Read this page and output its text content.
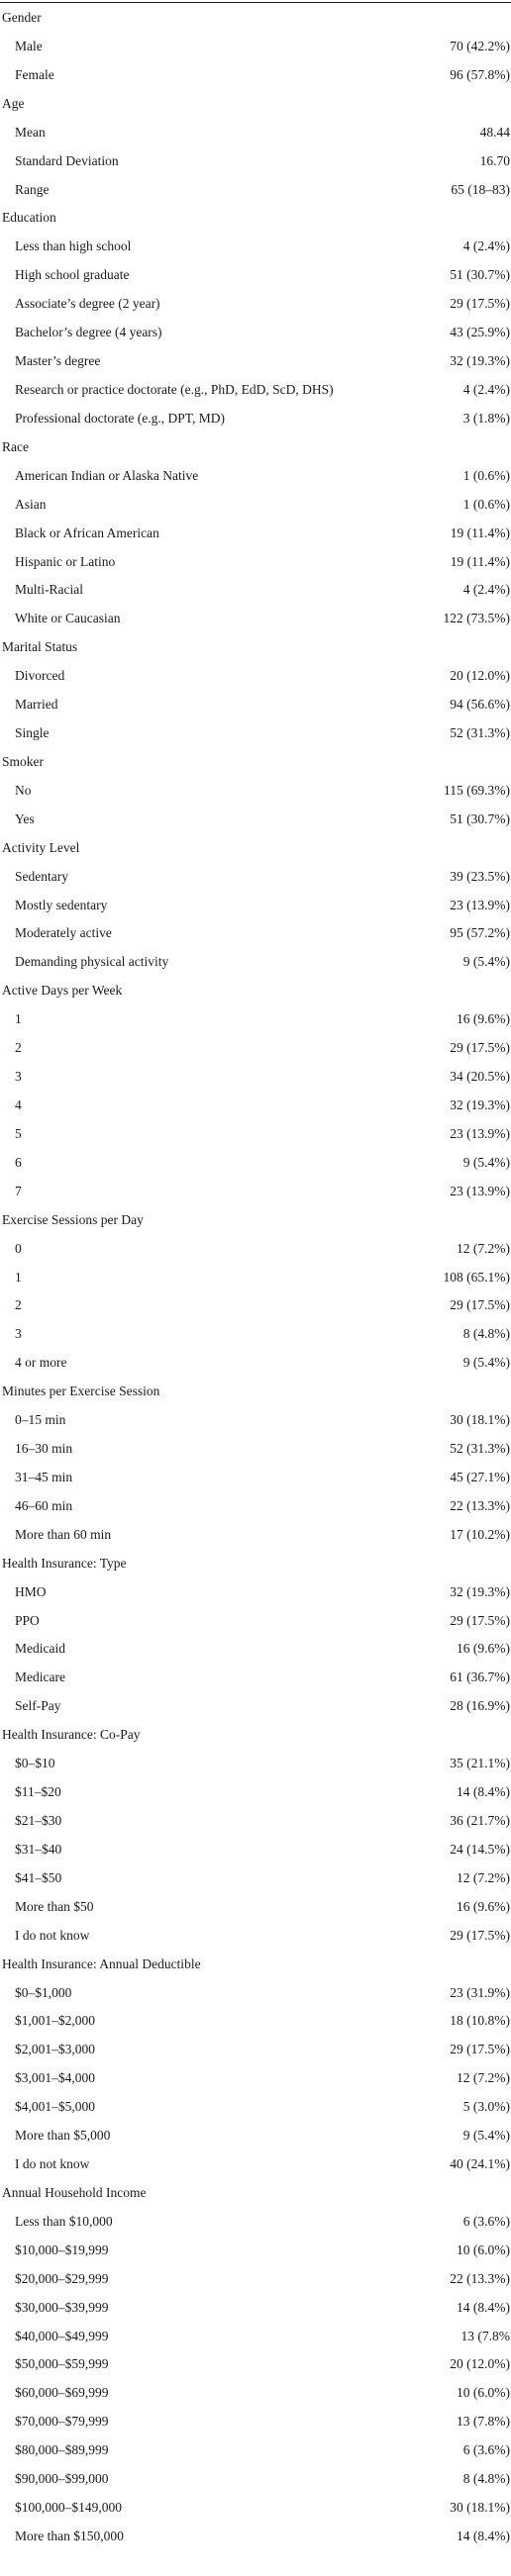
Gender
Male	70 (42.2%)
Female	96 (57.8%)
Age
Mean	48.44
Standard Deviation	16.70
Range	65 (18–83)
Education
Less than high school	4 (2.4%)
High school graduate	51 (30.7%)
Associate’s degree (2 year)	29 (17.5%)
Bachelor’s degree (4 years)	43 (25.9%)
Master’s degree	32 (19.3%)
Research or practice doctorate (e.g., PhD, EdD, ScD, DHS)	4 (2.4%)
Professional doctorate (e.g., DPT, MD)	3 (1.8%)
Race
American Indian or Alaska Native	1 (0.6%)
Asian	1 (0.6%)
Black or African American	19 (11.4%)
Hispanic or Latino	19 (11.4%)
Multi-Racial	4 (2.4%)
White or Caucasian	122 (73.5%)
Marital Status
Divorced	20 (12.0%)
Married	94 (56.6%)
Single	52 (31.3%)
Smoker
No	115 (69.3%)
Yes	51 (30.7%)
Activity Level
Sedentary	39 (23.5%)
Mostly sedentary	23 (13.9%)
Moderately active	95 (57.2%)
Demanding physical activity	9 (5.4%)
Active Days per Week
1	16 (9.6%)
2	29 (17.5%)
3	34 (20.5%)
4	32 (19.3%)
5	23 (13.9%)
6	9 (5.4%)
7	23 (13.9%)
Exercise Sessions per Day
0	12 (7.2%)
1	108 (65.1%)
2	29 (17.5%)
3	8 (4.8%)
4 or more	9 (5.4%)
Minutes per Exercise Session
0–15 min	30 (18.1%)
16–30 min	52 (31.3%)
31–45 min	45 (27.1%)
46–60 min	22 (13.3%)
More than 60 min	17 (10.2%)
Health Insurance: Type
HMO	32 (19.3%)
PPO	29 (17.5%)
Medicaid	16 (9.6%)
Medicare	61 (36.7%)
Self-Pay	28 (16.9%)
Health Insurance: Co-Pay
$0–$10	35 (21.1%)
$11–$20	14 (8.4%)
$21–$30	36 (21.7%)
$31–$40	24 (14.5%)
$41–$50	12 (7.2%)
More than $50	16 (9.6%)
I do not know	29 (17.5%)
Health Insurance: Annual Deductible
$0–$1,000	23 (31.9%)
$1,001–$2,000	18 (10.8%)
$2,001–$3,000	29 (17.5%)
$3,001–$4,000	12 (7.2%)
$4,001–$5,000	5 (3.0%)
More than $5,000	9 (5.4%)
I do not know	40 (24.1%)
Annual Household Income
Less than $10,000	6 (3.6%)
$10,000–$19,999	10 (6.0%)
$20,000–$29,999	22 (13.3%)
$30,000–$39,999	14 (8.4%)
$40,000–$49,999	13 (7.8%
$50,000–$59,999	20 (12.0%)
$60,000–$69,999	10 (6.0%)
$70,000–$79,999	13 (7.8%)
$80,000–$89,999	6 (3.6%)
$90,000–$99,000	8 (4.8%)
$100,000–$149,000	30 (18.1%)
More than $150,000	14 (8.4%)
